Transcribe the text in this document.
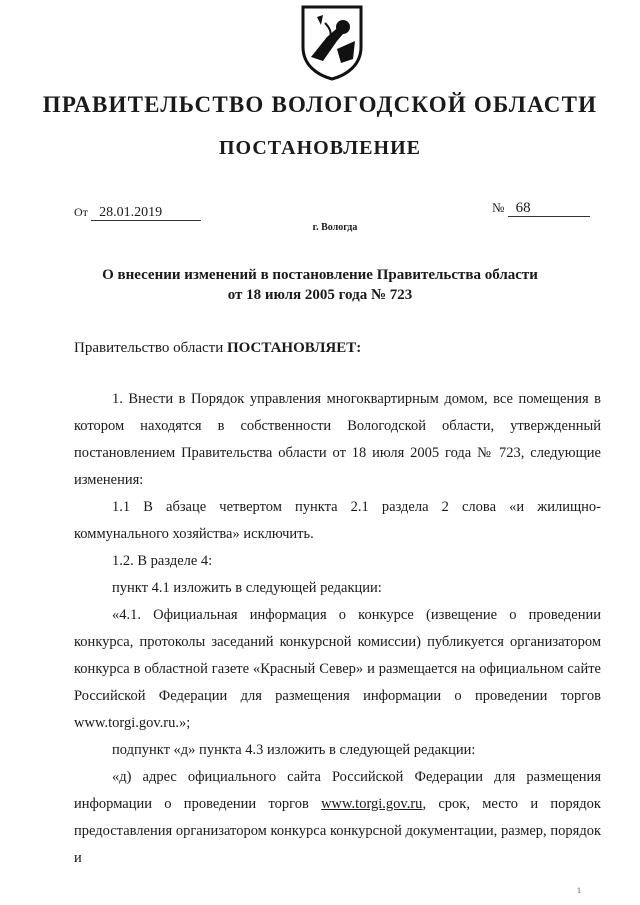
ПРАВИТЕЛЬСТВО ВОЛОГОДСКОЙ ОБЛАСТИ
ПОСТАНОВЛЕНИЕ
От 28.01.2019	№ 68
г. Вологда
О внесении изменений в постановление Правительства области
от 18 июля 2005 года № 723
Правительство области ПОСТАНОВЛЯЕТ:

1. Внести в Порядок управления многоквартирным домом, все помещения в котором находятся в собственности Вологодской области, утвержденный постановлением Правительства области от 18 июля 2005 года № 723, следующие изменения:

1.1 В абзаце четвертом пункта 2.1 раздела 2 слова «и жилищно-коммунального хозяйства» исключить.

1.2. В разделе 4:

пункт 4.1 изложить в следующей редакции:

«4.1. Официальная информация о конкурсе (извещение о проведении конкурса, протоколы заседаний конкурсной комиссии) публикуется организатором конкурса в областной газете «Красный Север» и размещается на официальном сайте Российской Федерации для размещения информации о проведении торгов www.torgi.gov.ru.»;

подпункт «д» пункта 4.3 изложить в следующей редакции:

«д) адрес официального сайта Российской Федерации для размещения информации о проведении торгов www.torgi.gov.ru, срок, место и порядок предоставления организатором конкурса конкурсной документации, размер, порядок и

1
